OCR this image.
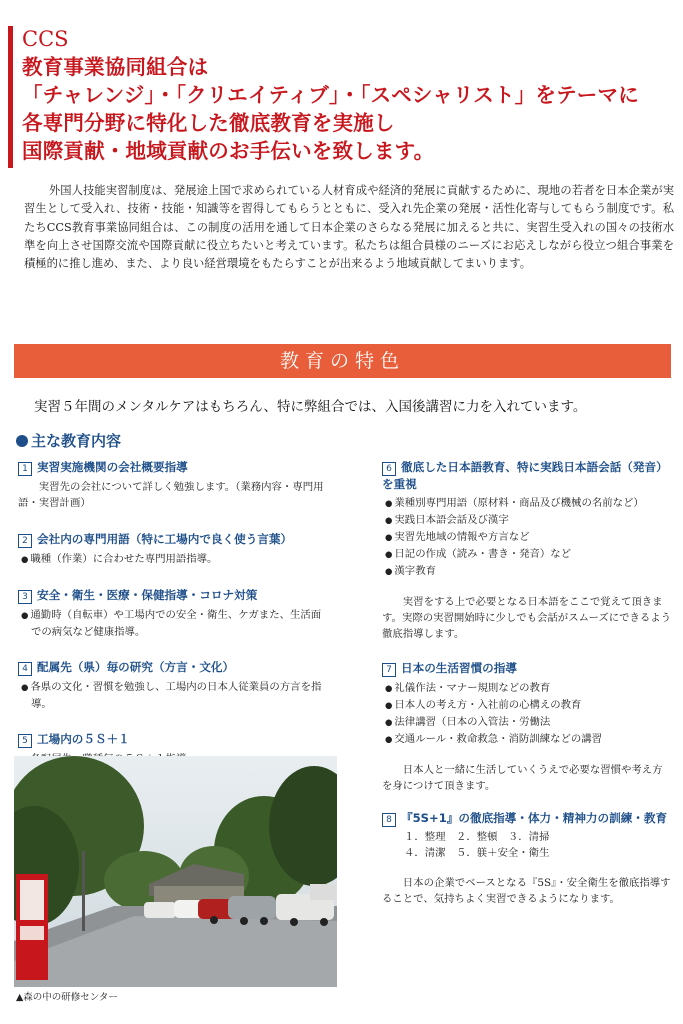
CCS
教育事業協同組合は
「チャレンジ」・「クリエイティブ」・「スペシャリスト」をテーマに
各専門分野に特化した徹底教育を実施し
国際貢献・地域貢献のお手伝いを致します。
外国人技能実習制度は、発展途上国で求められている人材育成や経済的発展に貢献するために、現地の若者を日本企業が実習生として受入れ、技術・技能・知識等を習得してもらうとともに、受入れ先企業の発展・活性化寄与してもらう制度です。私たちCCS教育事業協同組合は、この制度の活用を通して日本企業のさらなる発展に加えると共に、実習生受入れの国々の技術水準を向上させ国際交流や国際貢献に役立ちたいと考えています。私たちは組合員様のニーズにお応えしながら役立つ組合事業を積極的に推し進め、また、より良い経営環境をもたらすことが出来るよう地域貢献してまいります。
教育の特色
実習５年間のメンタルケアはもちろん、特に弊組合では、入国後講習に力を入れています。
主な教育内容
1 実習実施機関の会社概要指導
実習先の会社について詳しく勉強します。（業務内容・専門用語・実習計画）
2 会社内の専門用語（特に工場内で良く使う言葉）
● 職種（作業）に合わせた専門用語指導。
3 安全・衛生・医療・保健指導・コロナ対策
● 通勤時（自転車）や工場内での安全・衛生、ケガまた、生活面での病気など健康指導。
4 配属先（県）毎の研究（方言・文化）
● 各県の文化・習慣を勉強し、工場内の日本人従業員の方言を指導。
5 工場内の５Ｓ＋１
●
6 徹底した日本語教育、特に実践日本語会話（発音）を重視
● 業種別専門用語（原材料・商品及び機械の名前など）
● 実践日本語会話及び漢字
● 実習先地域の情報や方言など
● 日記の作成（読み・書き・発音）など
● 漢字教育
実習をする上で必要となる日本語をここで覚えて頂きます。実際の実習開始時に少しでも会話がスムーズにできるよう徹底指導します。
7 日本の生活習慣の指導
● 礼儀作法・マナー規則などの教育
● 日本人の考え方・入社前の心構えの教育
● 法律講習（日本の入管法・労働法
● 交通ルール・救命救急・消防訓練などの講習
日本人と一緒に生活していくうえで必要な習慣や考え方を身につけて頂きます。
8 『5S+1』の徹底指導・体力・精神力の訓練・教育
１．整理　２．整頓　３．清掃
４．清潔　５．躾＋安全・衛生
日本の企業でベースとなる『5S』・安全衛生を徹底指導することで、気持ちよく実習できるようになります。
▲森の中の研修センター
